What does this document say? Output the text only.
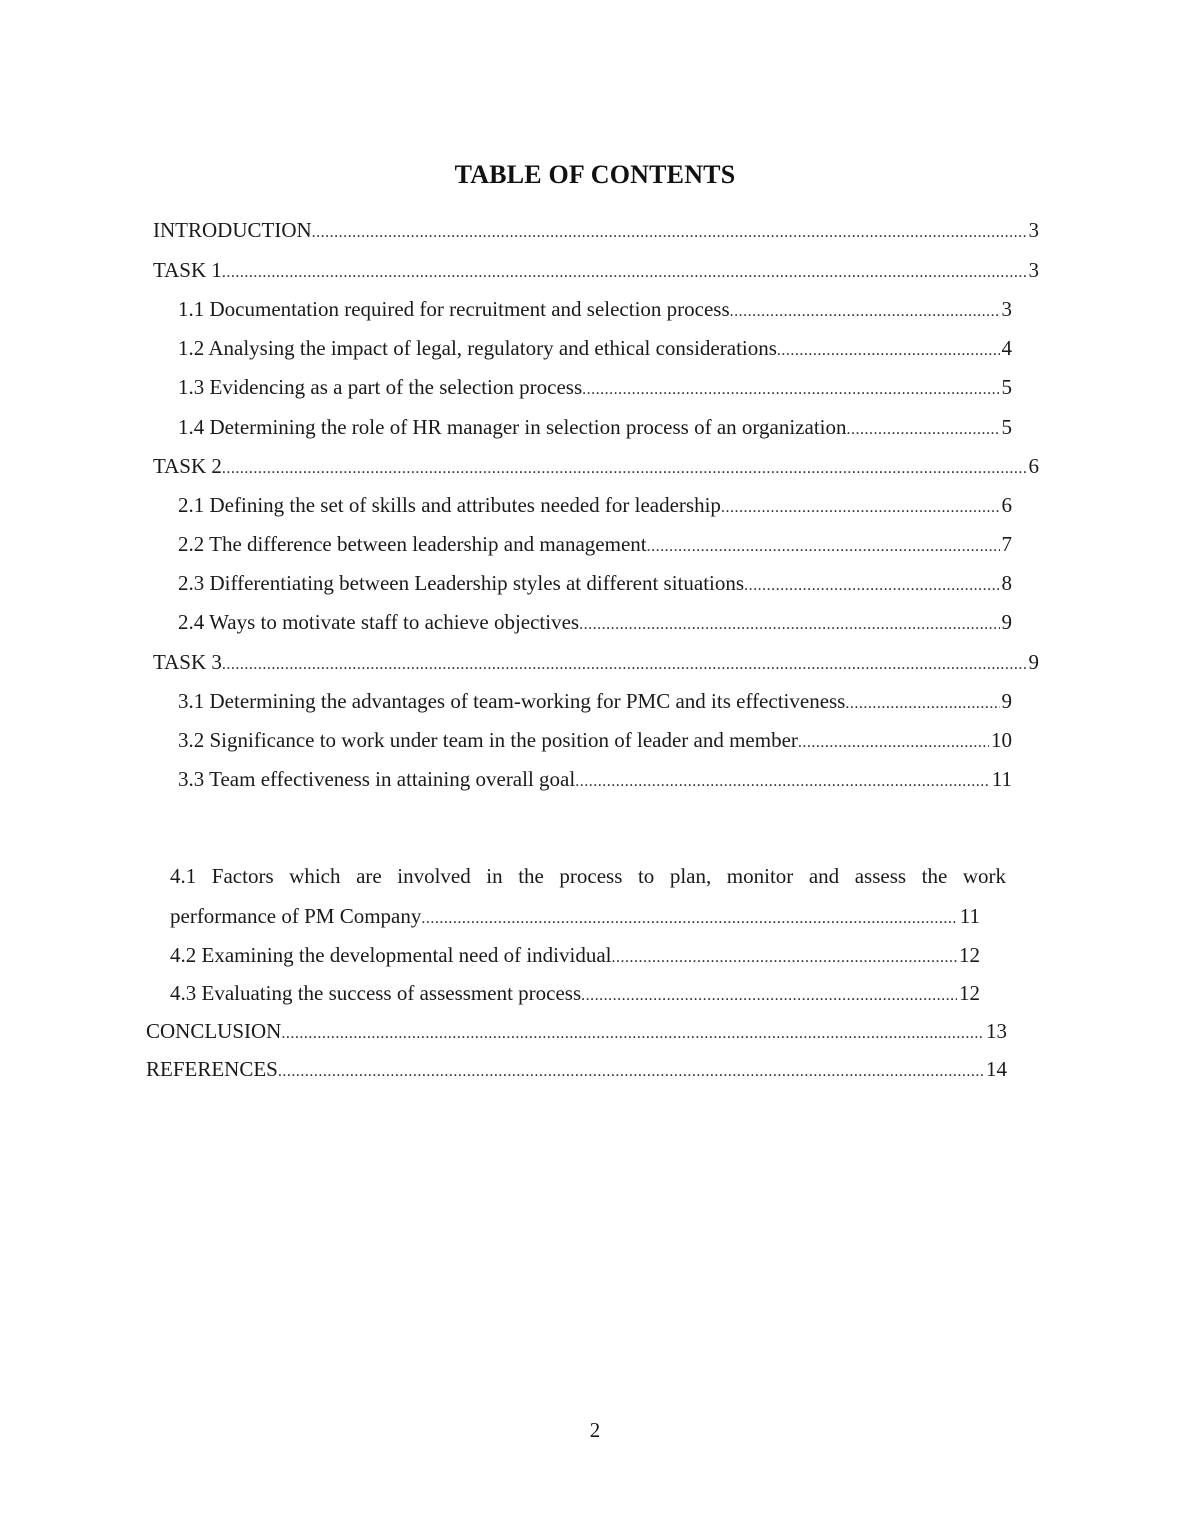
TABLE OF CONTENTS
INTRODUCTION .....	3
TASK 1 .....	3
1.1 Documentation required for recruitment and selection process .....	3
1.2 Analysing the impact of legal, regulatory and ethical considerations .....	4
1.3 Evidencing as a part of the selection process .....	5
1.4 Determining the role of HR manager in selection process of an organization .....	5
TASK 2 .....	6
2.1 Defining the set of skills and attributes needed for leadership .....	6
2.2 The difference between leadership and management .....	7
2.3 Differentiating between Leadership styles at different situations .....	8
2.4 Ways to motivate staff to achieve objectives .....	9
TASK 3 .....	9
3.1 Determining the advantages of team-working for PMC and its effectiveness .....	9
3.2 Significance to work under team in the position of leader and member .....	10
3.3 Team effectiveness in attaining overall goal .....	11
4.1 Factors which are involved in the process to plan, monitor and assess the work
performance of PM Company .....	11
4.2 Examining the developmental need of individual .....	12
4.3 Evaluating the success of assessment process .....	12
CONCLUSION .....	13
REFERENCES .....	14
2
